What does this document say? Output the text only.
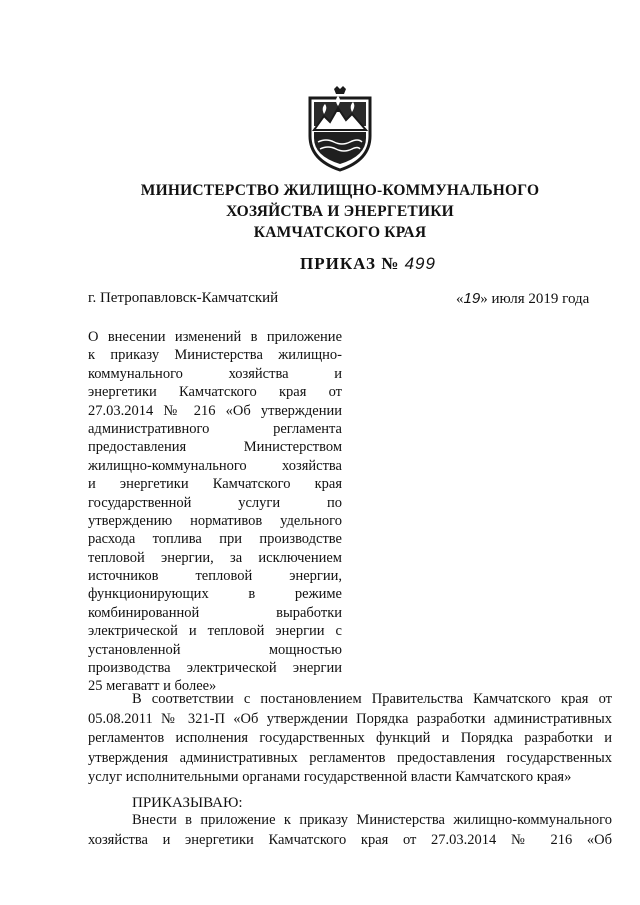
МИНИСТЕРСТВО ЖИЛИЩНО-КОММУНАЛЬНОГО
ХОЗЯЙСТВА И ЭНЕРГЕТИКИ
КАМЧАТСКОГО КРАЯ
ПРИКАЗ № 499
г. Петропавловск-Камчатский	«19» июля 2019 года
О внесении изменений в приложение
к приказу Министерства жилищно-
коммунального хозяйства и
энергетики Камчатского края от
27.03.2014 № 216 «Об утверждении
административного регламента
предоставления Министерством
жилищно-коммунального хозяйства
и энергетики Камчатского края
государственной услуги по
утверждению нормативов удельного
расхода топлива при производстве
тепловой энергии, за исключением
источников тепловой энергии,
функционирующих в режиме
комбинированной выработки
электрической и тепловой энергии с
установленной мощностью
производства электрической энергии
25 мегаватт и более»
В соответствии с постановлением Правительства Камчатского края от
05.08.2011 № 321-П «Об утверждении Порядка разработки административных
регламентов исполнения государственных функций и Порядка разработки и
утверждения административных регламентов предоставления государственных
услуг исполнительными органами государственной власти Камчатского края»
ПРИКАЗЫВАЮ:
Внести в приложение к приказу Министерства жилищно-коммунального
хозяйства и энергетики Камчатского края от 27.03.2014 № 216 «Об
